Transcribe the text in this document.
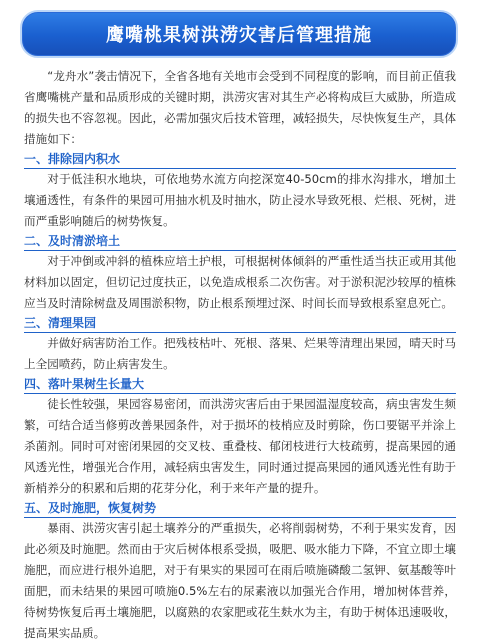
鹰嘴桃果树洪涝灾害后管理措施

“龙舟水”袭击情况下，全省各地有关地市会受到不同程度的影响，而目前正值我省鹰嘴桃产量和品质形成的关键时期，洪涝灾害对其生产必将构成巨大威胁，所造成的损失也不容忽视。因此，必需加强灾后技术管理，减轻损失，尽快恢复生产，具体措施如下：

一、排除园内积水

对于低洼积水地块，可依地势水流方向挖深宽40-50cm的排水沟排水，增加土壤通透性，有条件的果园可用抽水机及时抽水，防止浸水导致死根、烂根、死树，进而严重影响随后的树势恢复。

二、及时清淤培土

对于冲倒或冲斜的植株应培土护根，可根据树体倾斜的严重性适当扶正或用其他材料加以固定，但切记过度扶正，以免造成根系二次伤害。对于淤积泥沙较厚的植株应当及时清除树盘及周围淤积物，防止根系预埋过深、时间长而导致根系窒息死亡。

三、清理果园

并做好病害防治工作。把残枝枯叶、死根、落果、烂果等清理出果园，晴天时马上全园喷药，防止病害发生。

四、落叶果树生长量大

徒长性较强，果园容易密闭，而洪涝灾害后由于果园温湿度较高，病虫害发生频繁，可结合适当修剪改善果园条件，对于损坏的枝梢应及时剪除，伤口要锯平并涂上杀菌剂。同时可对密闭果园的交叉枝、重叠枝、郁闭枝进行大枝疏剪，提高果园的通风透光性，增强光合作用，减轻病虫害发生，同时通过提高果园的通风透光性有助于新梢养分的积累和后期的花芽分化，利于来年产量的提升。

五、及时施肥，恢复树势

暴雨、洪涝灾害引起土壤养分的严重损失，必将削弱树势，不利于果实发育，因此必须及时施肥。然而由于灾后树体根系受损，吸肥、吸水能力下降，不宜立即土壤施肥，而应进行根外追肥，对于有果实的果园可在雨后喷施磷酸二氢钾、氨基酸等叶面肥，而未结果的果园可喷施0.5%左右的尿素液以加强光合作用，增加树体营养，待树势恢复后再土壤施肥，以腐熟的农家肥或花生麸水为主，有助于树体迅速吸收，提高果实品质。
